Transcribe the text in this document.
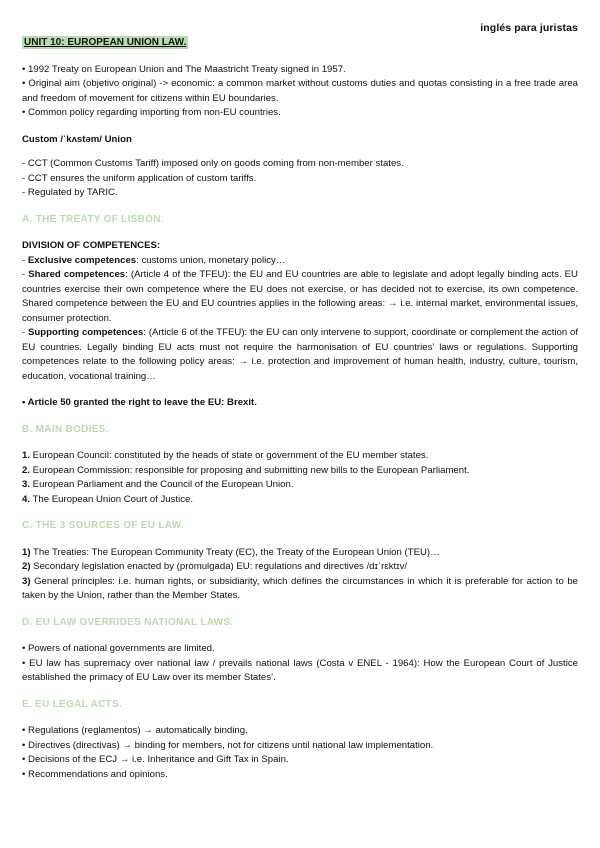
inglés para juristas
UNIT 10: EUROPEAN UNION LAW.

• 1992 Treaty on European Union and The Maastricht Treaty signed in 1957.

• Original aim (objetivo original) -> economic: a common market without customs duties and quotas consisting in a free trade area and freedom of movement for citizens within EU boundaries.

• Common policy regarding importing from non-EU countries.

Custom /ˈkʌstəm/ Union

- CCT (Common Customs Tariff) imposed only on goods coming from non-member states.

- CCT ensures the uniform application of custom tariffs.

- Regulated by TARIC.

A. THE TREATY OF LISBON.

DIVISION OF COMPETENCES:

- Exclusive competences: customs union, monetary policy…

- Shared competences: (Article 4 of the TFEU): the EU and EU countries are able to legislate and adopt legally binding acts. EU countries exercise their own competence where the EU does not exercise, or has decided not to exercise, its own competence. Shared competence between the EU and EU countries applies in the following areas: → i.e. internal market, environmental issues, consumer protection.

- Supporting competences: (Article 6 of the TFEU): the EU can only intervene to support, coordinate or complement the action of EU countries. Legally binding EU acts must not require the harmonisation of EU countries’ laws or regulations. Supporting competences relate to the following policy areas: → i.e. protection and improvement of human health, industry, culture, tourism, education, vocational training…

• Article 50 granted the right to leave the EU: Brexit.

B. MAIN BODIES.

1. European Council: constituted by the heads of state or government of the EU member states.

2. European Commission: responsible for proposing and submitting new bills to the European Parliament.

3. European Parliament and the Council of the European Union.

4. The European Union Court of Justice.

C. THE 3 SOURCES OF EU LAW.

1) The Treaties: The European Community Treaty (EC), the Treaty of the European Union (TEU)…

2) Secondary legislation enacted by (promulgada) EU: regulations and directives /dɪˈrɛktɪv/

3) General principles: i.e. human rights, or subsidiarity, which defines the circumstances in which it is preferable for action to be taken by the Union, rather than the Member States.

D. EU LAW OVERRIDES NATIONAL LAWS.

• Powers of national governments are limited.

• EU law has supremacy over national law / prevails national laws (Costa v ENEL - 1964): How the European Court of Justice established the primacy of EU Law over its member States’.

E. EU LEGAL ACTS.

• Regulations (reglamentos) → automatically binding.

• Directives (directivas) → binding for members, not for citizens until national law implementation.

• Decisions of the ECJ → i.e. Inheritance and Gift Tax in Spain.

• Recommendations and opinions.
